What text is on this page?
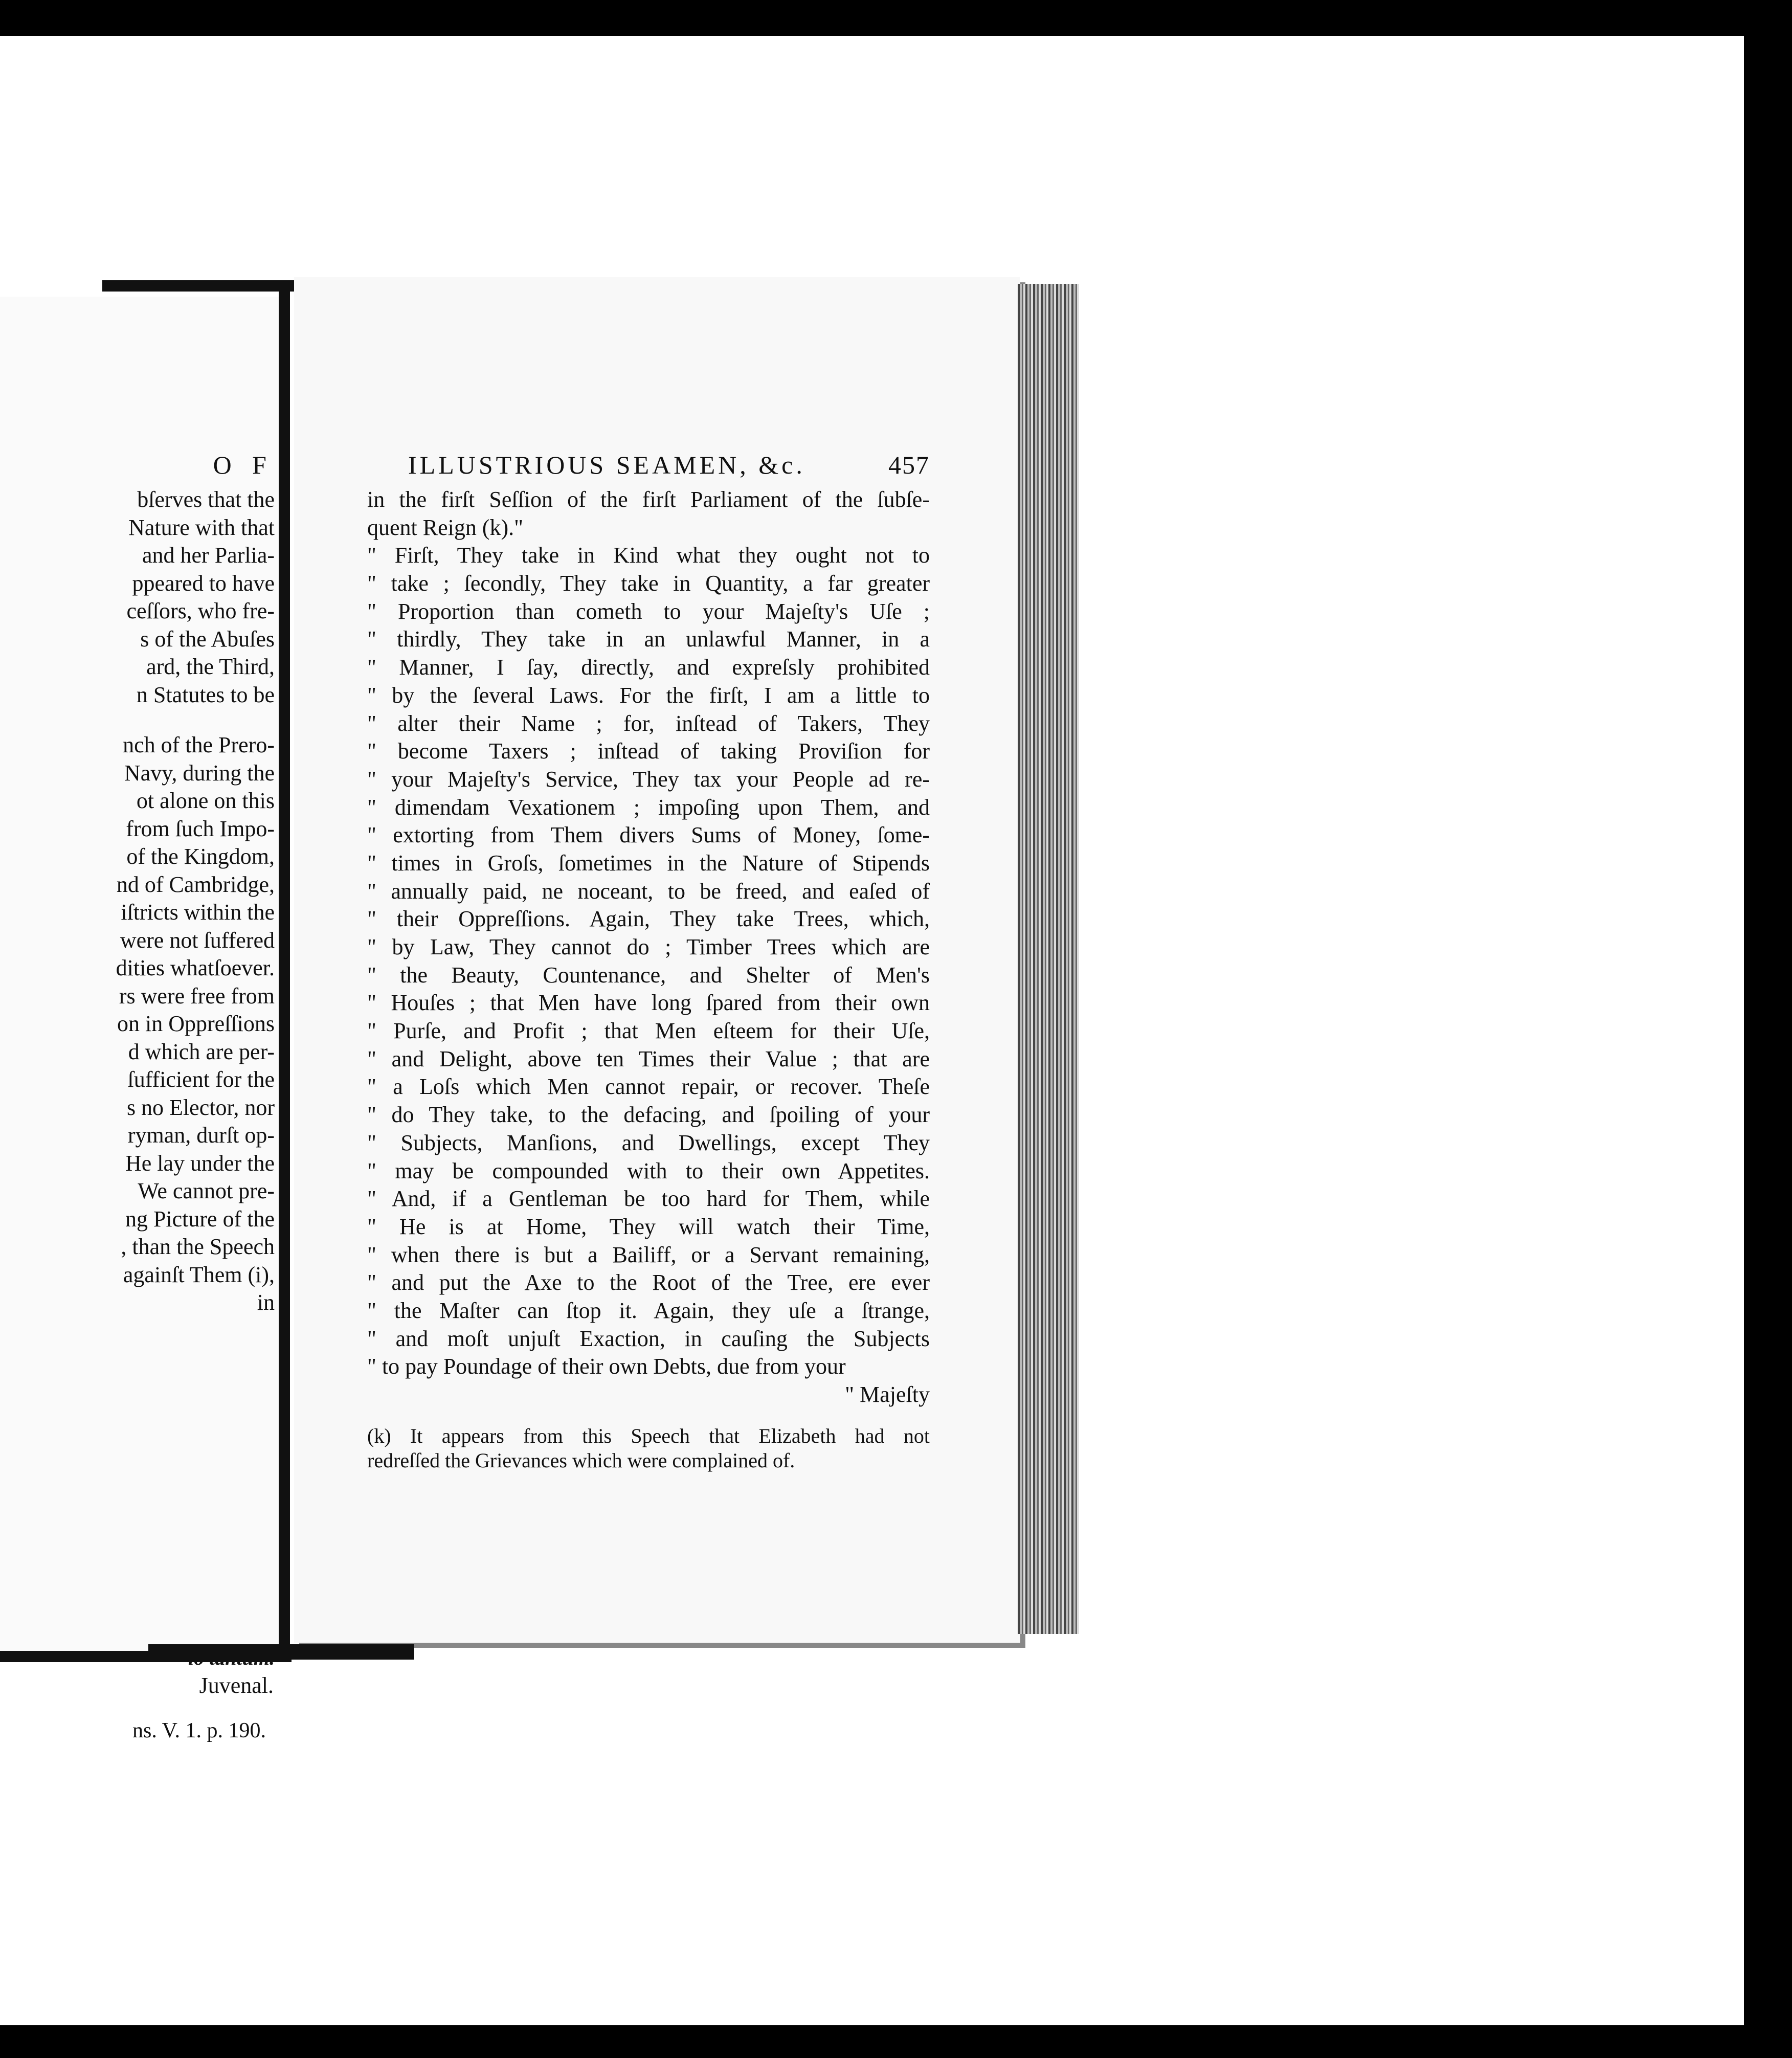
O F
bſerves that the
Nature with that
and her Parlia-
ppeared to have
ceſſors, who fre-
s of the Abuſes
ard, the Third,
n Statutes to be
nch of the Prero-
Navy, during the
ot alone on this
from ſuch Impo-
of the Kingdom,
nd of Cambridge,
iſtricts within the
were not ſuffered
dities whatſoever.
rs were free from
on in Oppreſſions
d which are per-
ſufficient for the
s no Elector, nor
ryman, durſt op-
He lay under the
We cannot pre-
ng Picture of the
, than the Speech
againſt Them (i),
in
Juvenal.
ns. V. 1. p. 190.
ILLUSTRIOUS SEAMEN, &c.	457
in the firſt Seſſion of the firſt Parliament of the ſubſe-
quent Reign (k)."
" Firſt, They take in Kind what they ought not to
" take ; ſecondly, They take in Quantity, a far greater
" Proportion than cometh to your Majeſty's Uſe ;
" thirdly, They take in an unlawful Manner, in a
" Manner, I ſay, directly, and expreſsly prohibited
" by the ſeveral Laws. For the firſt, I am a little to
" alter their Name ; for, inſtead of Takers, They
" become Taxers ; inſtead of taking Proviſion for
" your Majeſty's Service, They tax your People ad re-
" dimendam Vexationem ; impoſing upon Them, and
" extorting from Them divers Sums of Money, ſome-
" times in Groſs, ſometimes in the Nature of Stipends
" annually paid, ne noceant, to be freed, and eaſed of
" their Oppreſſions. Again, They take Trees, which,
" by Law, They cannot do ; Timber Trees which are
" the Beauty, Countenance, and Shelter of Men's
" Houſes ; that Men have long ſpared from their own
" Purſe, and Profit ; that Men eſteem for their Uſe,
" and Delight, above ten Times their Value ; that are
" a Loſs which Men cannot repair, or recover. Theſe
" do They take, to the defacing, and ſpoiling of your
" Subjects, Manſions, and Dwellings, except They
" may be compounded with to their own Appetites.
" And, if a Gentleman be too hard for Them, while
" He is at Home, They will watch their Time,
" when there is but a Bailiff, or a Servant remaining,
" and put the Axe to the Root of the Tree, ere ever
" the Maſter can ſtop it. Again, they uſe a ſtrange,
" and moſt unjuſt Exaction, in cauſing the Subjects
" to pay Poundage of their own Debts, due from your
" Majeſty
(k) It appears from this Speech that Elizabeth had not
redreſſed the Grievances which were complained of.
